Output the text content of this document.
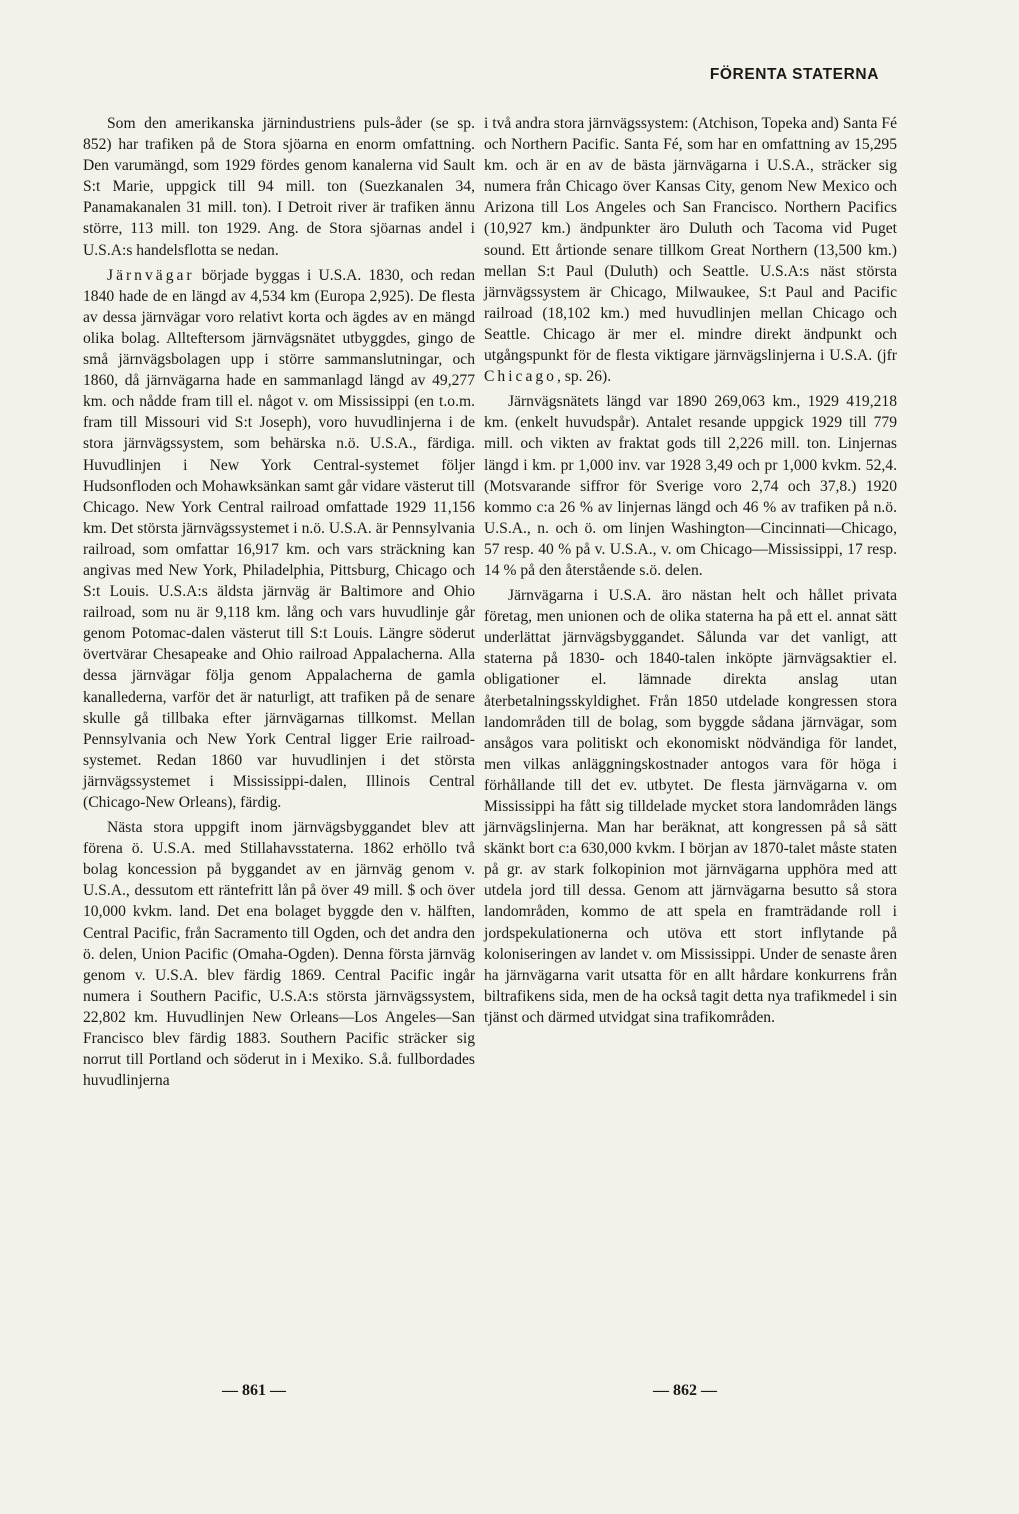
FÖRENTA STATERNA

Som den amerikanska järnindustriens puls-åder (se sp. 852) har trafiken på de Stora sjöarna en enorm omfattning. Den varumängd, som 1929 fördes genom kanalerna vid Sault S:t Marie, uppgick till 94 mill. ton (Suezkanalen 34, Panamakanalen 31 mill. ton). I Detroit river är trafiken ännu större, 113 mill. ton 1929. Ang. de Stora sjöarnas andel i U.S.A:s handelsflotta se nedan.

Järnvägar började byggas i U.S.A. 1830, och redan 1840 hade de en längd av 4,534 km (Europa 2,925). De flesta av dessa järnvägar voro relativt korta och ägdes av en mängd olika bolag. Allteftersom järnvägsnätet utbyggdes, gingo de små järnvägsbolagen upp i större sammanslutningar, och 1860, då järnvägarna hade en sammanlagd längd av 49,277 km. och nådde fram till el. något v. om Mississippi (en t.o.m. fram till Missouri vid S:t Joseph), voro huvudlinjerna i de stora järnvägssystem, som behärska n.ö. U.S.A., färdiga. Huvudlinjen i New York Central-systemet följer Hudsonfloden och Mohawksänkan samt går vidare västerut till Chicago. New York Central railroad omfattade 1929 11,156 km. Det största järnvägssystemet i n.ö. U.S.A. är Pennsylvania railroad, som omfattar 16,917 km. och vars sträckning kan angivas med New York, Philadelphia, Pittsburg, Chicago och S:t Louis. U.S.A:s äldsta järnväg är Baltimore and Ohio railroad, som nu är 9,118 km. lång och vars huvudlinje går genom Potomac-dalen västerut till S:t Louis. Längre söderut övertvärar Chesapeake and Ohio railroad Appalacherna. Alla dessa järnvägar följa genom Appalacherna de gamla kanallederna, varför det är naturligt, att trafiken på de senare skulle gå tillbaka efter järnvägarnas tillkomst. Mellan Pennsylvania och New York Central ligger Erie railroad-systemet. Redan 1860 var huvudlinjen i det största järnvägssystemet i Mississippi-dalen, Illinois Central (Chicago-New Orleans), färdig.

Nästa stora uppgift inom järnvägsbyggandet blev att förena ö. U.S.A. med Stillahavsstaterna. 1862 erhöllo två bolag koncession på byggandet av en järnväg genom v. U.S.A., dessutom ett räntefritt lån på över 49 mill. $ och över 10,000 kvkm. land. Det ena bolaget byggde den v. hälften, Central Pacific, från Sacramento till Ogden, och det andra den ö. delen, Union Pacific (Omaha-Ogden). Denna första järnväg genom v. U.S.A. blev färdig 1869. Central Pacific ingår numera i Southern Pacific, U.S.A:s största järnvägssystem, 22,802 km. Huvudlinjen New Orleans—Los Angeles—San Francisco blev färdig 1883. Southern Pacific sträcker sig norrut till Portland och söderut in i Mexiko. S.å. fullbordades huvudlinjerna

i två andra stora järnvägssystem: (Atchison, Topeka and) Santa Fé och Northern Pacific. Santa Fé, som har en omfattning av 15,295 km. och är en av de bästa järnvägarna i U.S.A., sträcker sig numera från Chicago över Kansas City, genom New Mexico och Arizona till Los Angeles och San Francisco. Northern Pacifics (10,927 km.) ändpunkter äro Duluth och Tacoma vid Puget sound. Ett årtionde senare tillkom Great Northern (13,500 km.) mellan S:t Paul (Duluth) och Seattle. U.S.A:s näst största järnvägssystem är Chicago, Milwaukee, S:t Paul and Pacific railroad (18,102 km.) med huvudlinjen mellan Chicago och Seattle. Chicago är mer el. mindre direkt ändpunkt och utgångspunkt för de flesta viktigare järnvägslinjerna i U.S.A. (jfr Chicago, sp. 26).

Järnvägsnätets längd var 1890 269,063 km., 1929 419,218 km. (enkelt huvudspår). Antalet resande uppgick 1929 till 779 mill. och vikten av fraktat gods till 2,226 mill. ton. Linjernas längd i km. pr 1,000 inv. var 1928 3,49 och pr 1,000 kvkm. 52,4. (Motsvarande siffror för Sverige voro 2,74 och 37,8.) 1920 kommo c:a 26 % av linjernas längd och 46 % av trafiken på n.ö. U.S.A., n. och ö. om linjen Washington—Cincinnati—Chicago, 57 resp. 40 % på v. U.S.A., v. om Chicago—Mississippi, 17 resp. 14 % på den återstående s.ö. delen.

Järnvägarna i U.S.A. äro nästan helt och hållet privata företag, men unionen och de olika staterna ha på ett el. annat sätt underlättat järnvägsbyggandet. Sålunda var det vanligt, att staterna på 1830- och 1840-talen inköpte järnvägsaktier el. obligationer el. lämnade direkta anslag utan återbetalningsskyldighet. Från 1850 utdelade kongressen stora landområden till de bolag, som byggde sådana järnvägar, som ansågos vara politiskt och ekonomiskt nödvändiga för landet, men vilkas anläggningskostnader antogos vara för höga i förhållande till det ev. utbytet. De flesta järnvägarna v. om Mississippi ha fått sig tilldelade mycket stora landområden längs järnvägslinjerna. Man har beräknat, att kongressen på så sätt skänkt bort c:a 630,000 kvkm. I början av 1870-talet måste staten på gr. av stark folkopinion mot järnvägarna upphöra med att utdela jord till dessa. Genom att järnvägarna besutto så stora landområden, kommo de att spela en framträdande roll i jordspekulationerna och utöva ett stort inflytande på koloniseringen av landet v. om Mississippi. Under de senaste åren ha järnvägarna varit utsatta för en allt hårdare konkurrens från biltrafikens sida, men de ha också tagit detta nya trafikmedel i sin tjänst och därmed utvidgat sina trafikområden.

— 861 —	— 862 —
